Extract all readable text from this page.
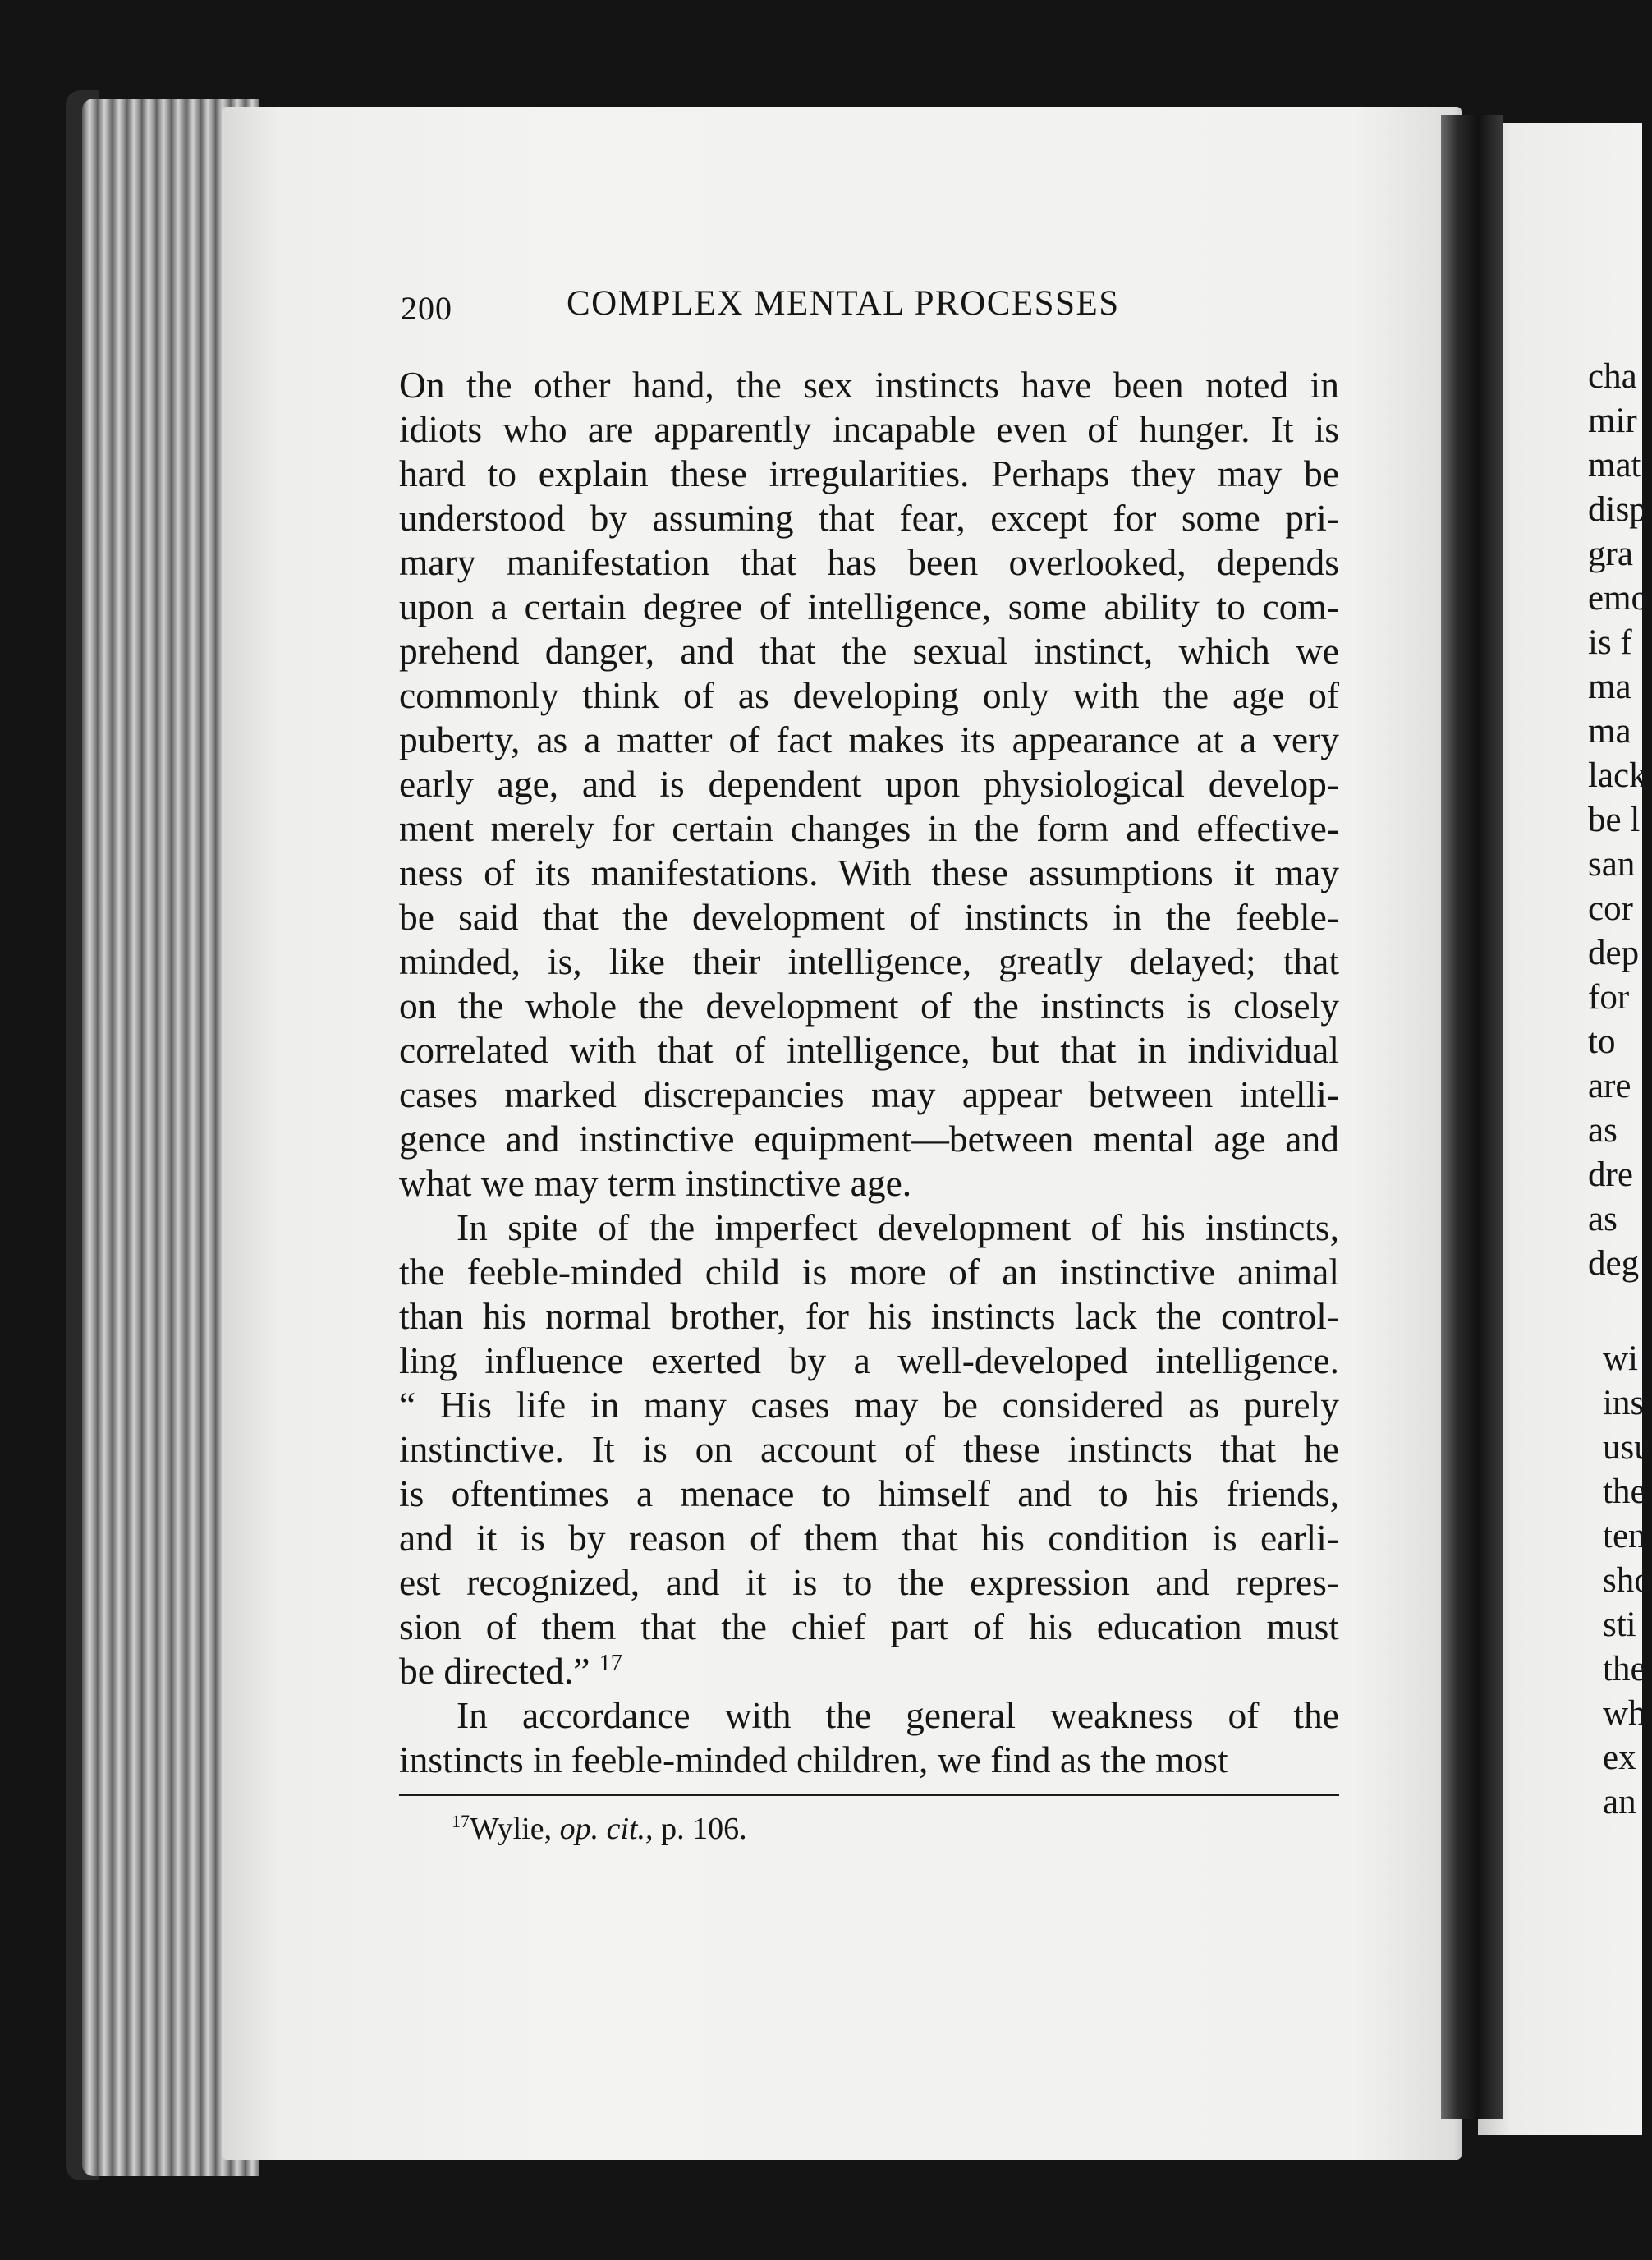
200	COMPLEX MENTAL PROCESSES
On the other hand, the sex instincts have been noted in
idiots who are apparently incapable even of hunger. It is
hard to explain these irregularities. Perhaps they may be
understood by assuming that fear, except for some pri-
mary manifestation that has been overlooked, depends
upon a certain degree of intelligence, some ability to com-
prehend danger, and that the sexual instinct, which we
commonly think of as developing only with the age of
puberty, as a matter of fact makes its appearance at a very
early age, and is dependent upon physiological develop-
ment merely for certain changes in the form and effective-
ness of its manifestations. With these assumptions it may
be said that the development of instincts in the feeble-
minded, is, like their intelligence, greatly delayed; that
on the whole the development of the instincts is closely
correlated with that of intelligence, but that in individual
cases marked discrepancies may appear between intelli-
gence and instinctive equipment—between mental age and
what we may term instinctive age.
In spite of the imperfect development of his instincts,
the feeble-minded child is more of an instinctive animal
than his normal brother, for his instincts lack the control-
ling influence exerted by a well-developed intelligence.
“ His life in many cases may be considered as purely
instinctive. It is on account of these instincts that he
is oftentimes a menace to himself and to his friends,
and it is by reason of them that his condition is earli-
est recognized, and it is to the expression and repres-
sion of them that the chief part of his education must
be directed.” $^{17}$
In accordance with the general weakness of the
instincts in feeble-minded children, we find as the most
$^{17}$Wylie, op. cit., p. 106.
cha
mir
mat
disp
gra
emo
is f
ma
ma
lack
be l
san
cor
dep
for
to
are
as
dre
as
deg
wi
ins
usu
the
ten
sho
sti
the
wh
ex
an
